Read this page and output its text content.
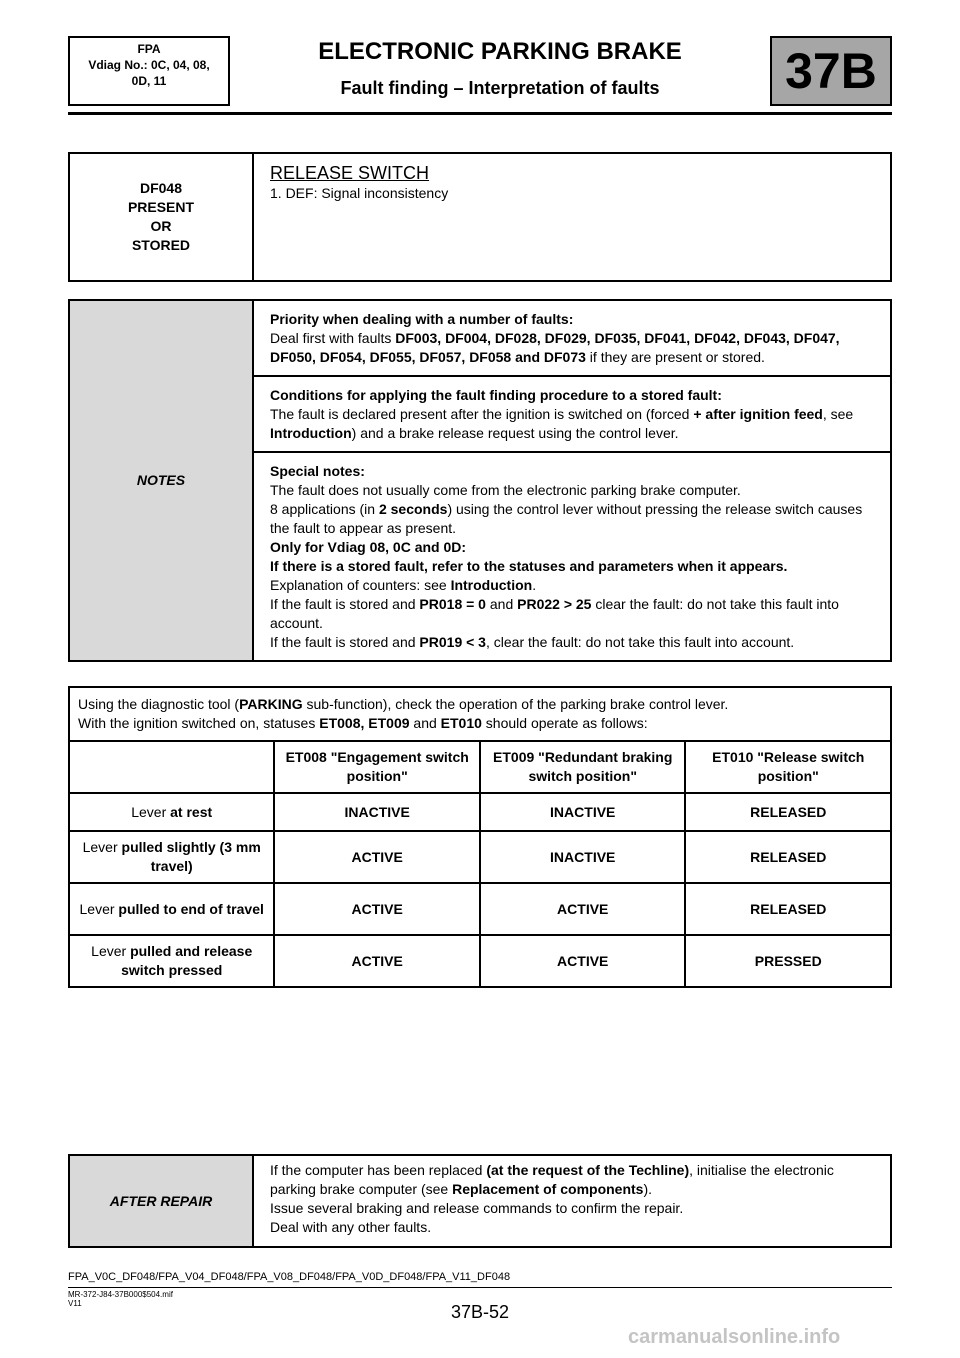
FPA
Vdiag No.: 0C, 04, 08,
0D, 11
ELECTRONIC PARKING BRAKE
Fault finding – Interpretation of faults	37B
DF048
PRESENT
OR
STORED

RELEASE SWITCH
1. DEF: Signal inconsistency
NOTES	Priority when dealing with a number of faults:
Deal first with faults DF003, DF004, DF028, DF029, DF035, DF041, DF042, DF043, DF047, DF050, DF054, DF055, DF057, DF058 and DF073 if they are present or stored.
Conditions for applying the fault finding procedure to a stored fault:
The fault is declared present after the ignition is switched on (forced + after ignition feed, see Introduction) and a brake release request using the control lever.
Special notes:
The fault does not usually come from the electronic parking brake computer.
8 applications (in 2 seconds) using the control lever without pressing the release switch causes the fault to appear as present.
Only for Vdiag 08, 0C and 0D:
If there is a stored fault, refer to the statuses and parameters when it appears.
Explanation of counters: see Introduction.
If the fault is stored and PR018 = 0 and PR022 > 25 clear the fault: do not take this fault into account.
If the fault is stored and PR019 < 3, clear the fault: do not take this fault into account.
Using the diagnostic tool (PARKING sub-function), check the operation of the parking brake control lever.
With the ignition switched on, statuses ET008, ET009 and ET010 should operate as follows:			
	ET008 "Engagement switch position"	ET009 "Redundant braking switch position"	ET010 "Release switch position"
Lever at rest	INACTIVE	INACTIVE	RELEASED
Lever pulled slightly (3 mm travel)	ACTIVE	INACTIVE	RELEASED
Lever pulled to end of travel	ACTIVE	ACTIVE	RELEASED
Lever pulled and release switch pressed	ACTIVE	ACTIVE	PRESSED
AFTER REPAIR	If the computer has been replaced (at the request of the Techline), initialise the electronic parking brake computer (see Replacement of components).
Issue several braking and release commands to confirm the repair.
Deal with any other faults.
FPA_V0C_DF048/FPA_V04_DF048/FPA_V08_DF048/FPA_V0D_DF048/FPA_V11_DF048
MR-372-J84-37B000$504.mif
V11	37B-52
carmanualsonline.info
